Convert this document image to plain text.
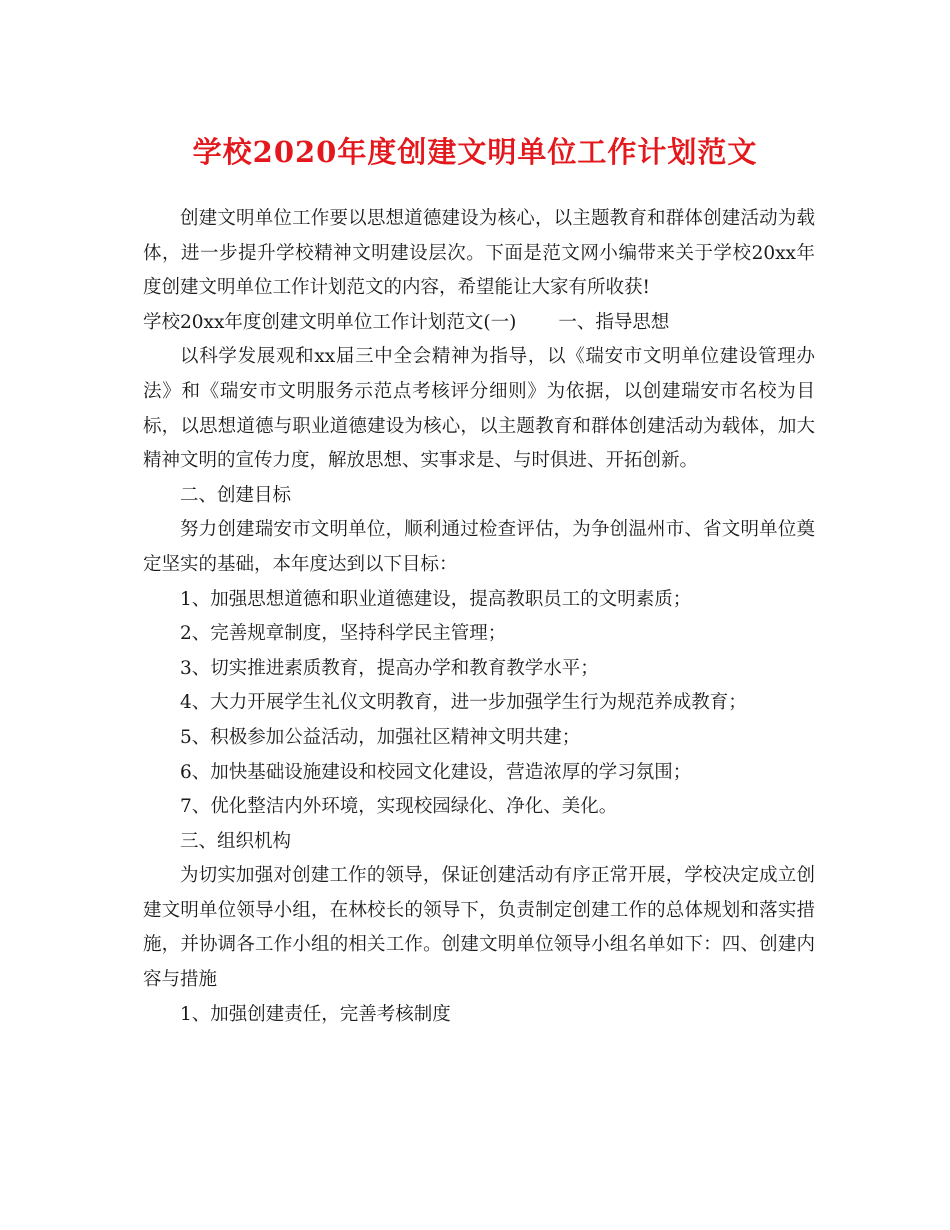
学校2020年度创建文明单位工作计划范文

创建文明单位工作要以思想道德建设为核心，以主题教育和群体创建活动为载体，进一步提升学校精神文明建设层次。下面是范文网小编带来关于学校20xx年度创建文明单位工作计划范文的内容，希望能让大家有所收获!

学校20xx年度创建文明单位工作计划范文(一) 一、指导思想

以科学发展观和xx届三中全会精神为指导，以《瑞安市文明单位建设管理办法》和《瑞安市文明服务示范点考核评分细则》为依据，以创建瑞安市名校为目标，以思想道德与职业道德建设为核心，以主题教育和群体创建活动为载体，加大精神文明的宣传力度，解放思想、实事求是、与时俱进、开拓创新。

二、创建目标

努力创建瑞安市文明单位，顺利通过检查评估，为争创温州市、省文明单位奠定坚实的基础，本年度达到以下目标：

1、加强思想道德和职业道德建设，提高教职员工的文明素质；

2、完善规章制度，坚持科学民主管理；

3、切实推进素质教育，提高办学和教育教学水平；

4、大力开展学生礼仪文明教育，进一步加强学生行为规范养成教育；

5、积极参加公益活动，加强社区精神文明共建；

6、加快基础设施建设和校园文化建设，营造浓厚的学习氛围；

7、优化整洁内外环境，实现校园绿化、净化、美化。

三、组织机构

为切实加强对创建工作的领导，保证创建活动有序正常开展，学校决定成立创建文明单位领导小组，在林校长的领导下，负责制定创建工作的总体规划和落实措施，并协调各工作小组的相关工作。创建文明单位领导小组名单如下：四、创建内容与措施

1、加强创建责任，完善考核制度
